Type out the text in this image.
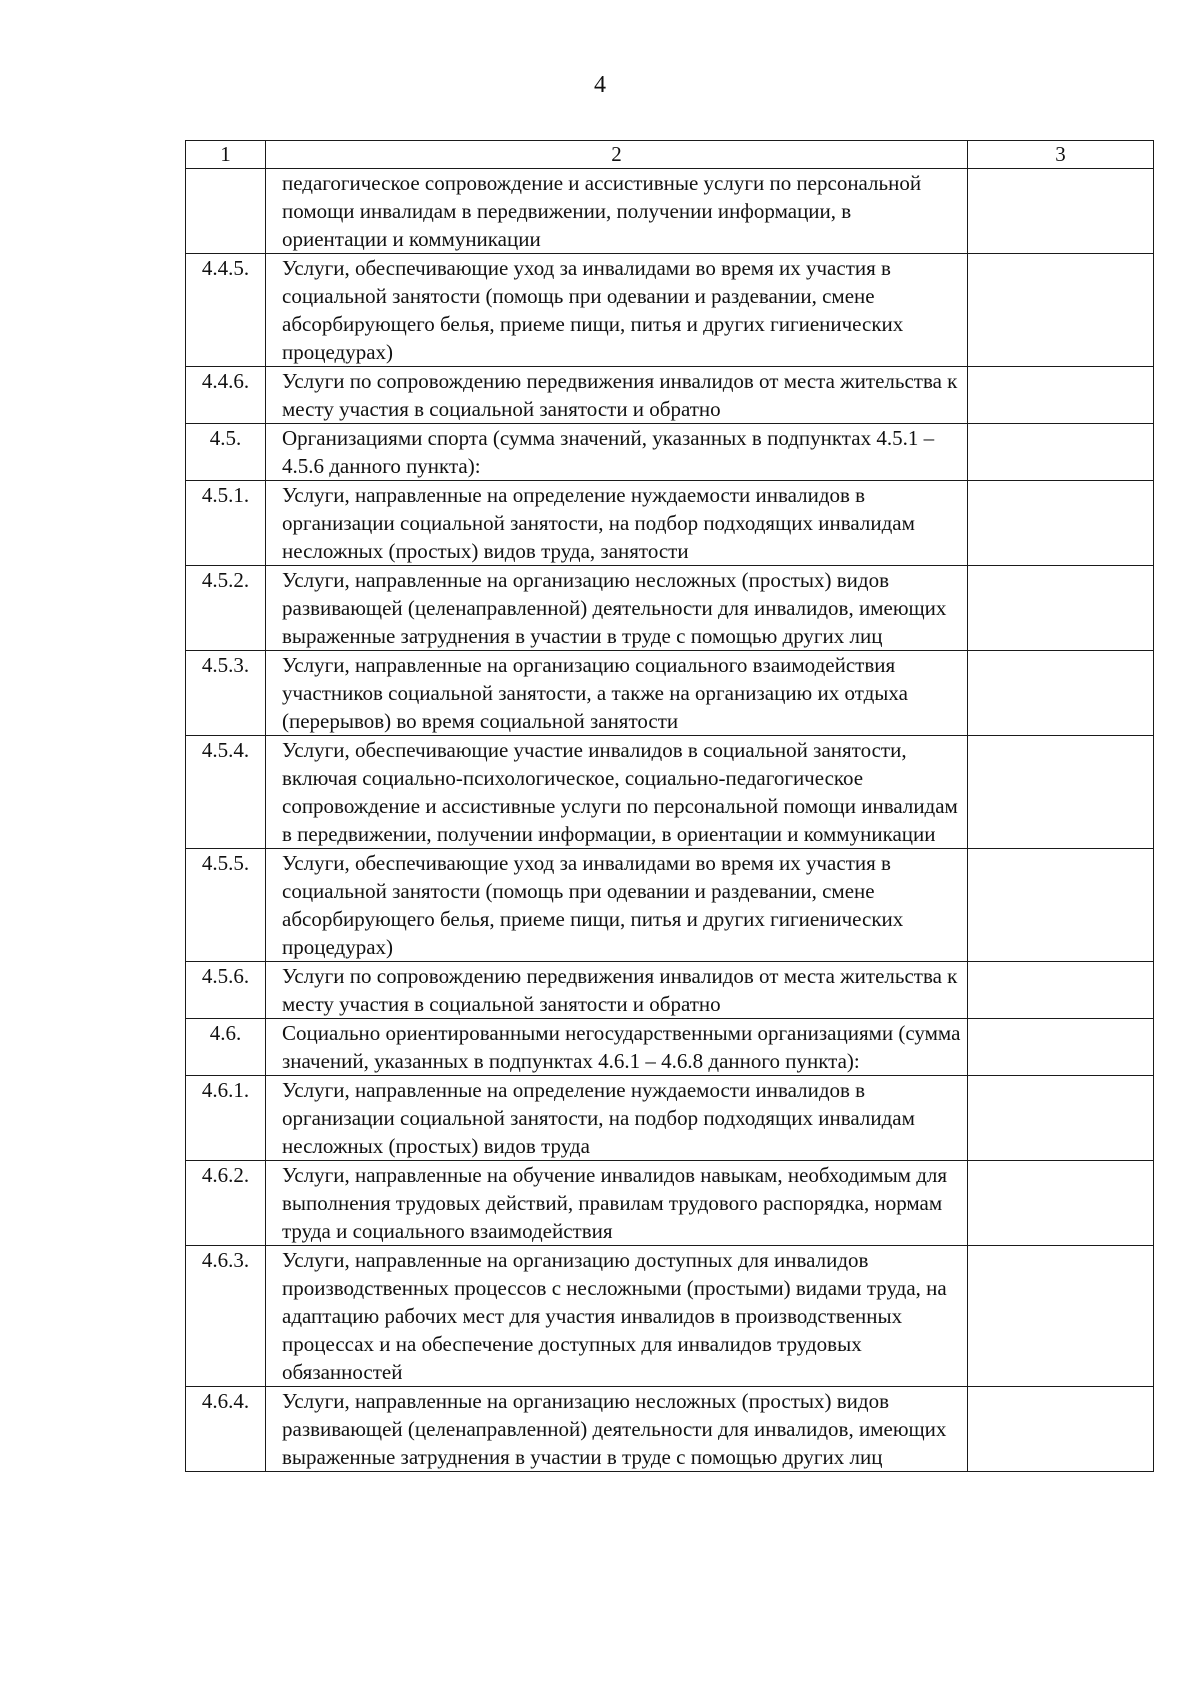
4
1	2	3
	педагогическое сопровождение и ассистивные услуги по персональной помощи инвалидам в передвижении, получении информации, в ориентации и коммуникации	
4.4.5.	Услуги, обеспечивающие уход за инвалидами во время их участия в социальной занятости (помощь при одевании и раздевании, смене абсорбирующего белья, приеме пищи, питья и других гигиенических процедурах)	
4.4.6.	Услуги по сопровождению передвижения инвалидов от места жительства к месту участия в социальной занятости и обратно	
4.5.	Организациями спорта (сумма значений, указанных в подпунктах 4.5.1 – 4.5.6 данного пункта):	
4.5.1.	Услуги, направленные на определение нуждаемости инвалидов в организации социальной занятости, на подбор подходящих инвалидам несложных (простых) видов труда, занятости	
4.5.2.	Услуги, направленные на организацию несложных (простых) видов развивающей (целенаправленной) деятельности для инвалидов, имеющих выраженные затруднения в участии в труде с помощью других лиц	
4.5.3.	Услуги, направленные на организацию социального взаимодействия участников социальной занятости, а также на организацию их отдыха (перерывов) во время социальной занятости	
4.5.4.	Услуги, обеспечивающие участие инвалидов в социальной занятости, включая социально-психологическое, социально-педагогическое сопровождение и ассистивные услуги по персональной помощи инвалидам в передвижении, получении информации, в ориентации и коммуникации	
4.5.5.	Услуги, обеспечивающие уход за инвалидами во время их участия в социальной занятости (помощь при одевании и раздевании, смене абсорбирующего белья, приеме пищи, питья и других гигиенических процедурах)	
4.5.6.	Услуги по сопровождению передвижения инвалидов от места жительства к месту участия в социальной занятости и обратно	
4.6.	Социально ориентированными негосударственными организациями (сумма значений, указанных в подпунктах 4.6.1 – 4.6.8 данного пункта):	
4.6.1.	Услуги, направленные на определение нуждаемости инвалидов в организации социальной занятости, на подбор подходящих инвалидам несложных (простых) видов труда	
4.6.2.	Услуги, направленные на обучение инвалидов навыкам, необходимым для выполнения трудовых действий, правилам трудового распорядка, нормам труда и социального взаимодействия	
4.6.3.	Услуги, направленные на организацию доступных для инвалидов производственных процессов с несложными (простыми) видами труда, на адаптацию рабочих мест для участия инвалидов в производственных процессах и на обеспечение доступных для инвалидов трудовых обязанностей	
4.6.4.	Услуги, направленные на организацию несложных (простых) видов развивающей (целенаправленной) деятельности для инвалидов, имеющих выраженные затруднения в участии в труде с помощью других лиц	
